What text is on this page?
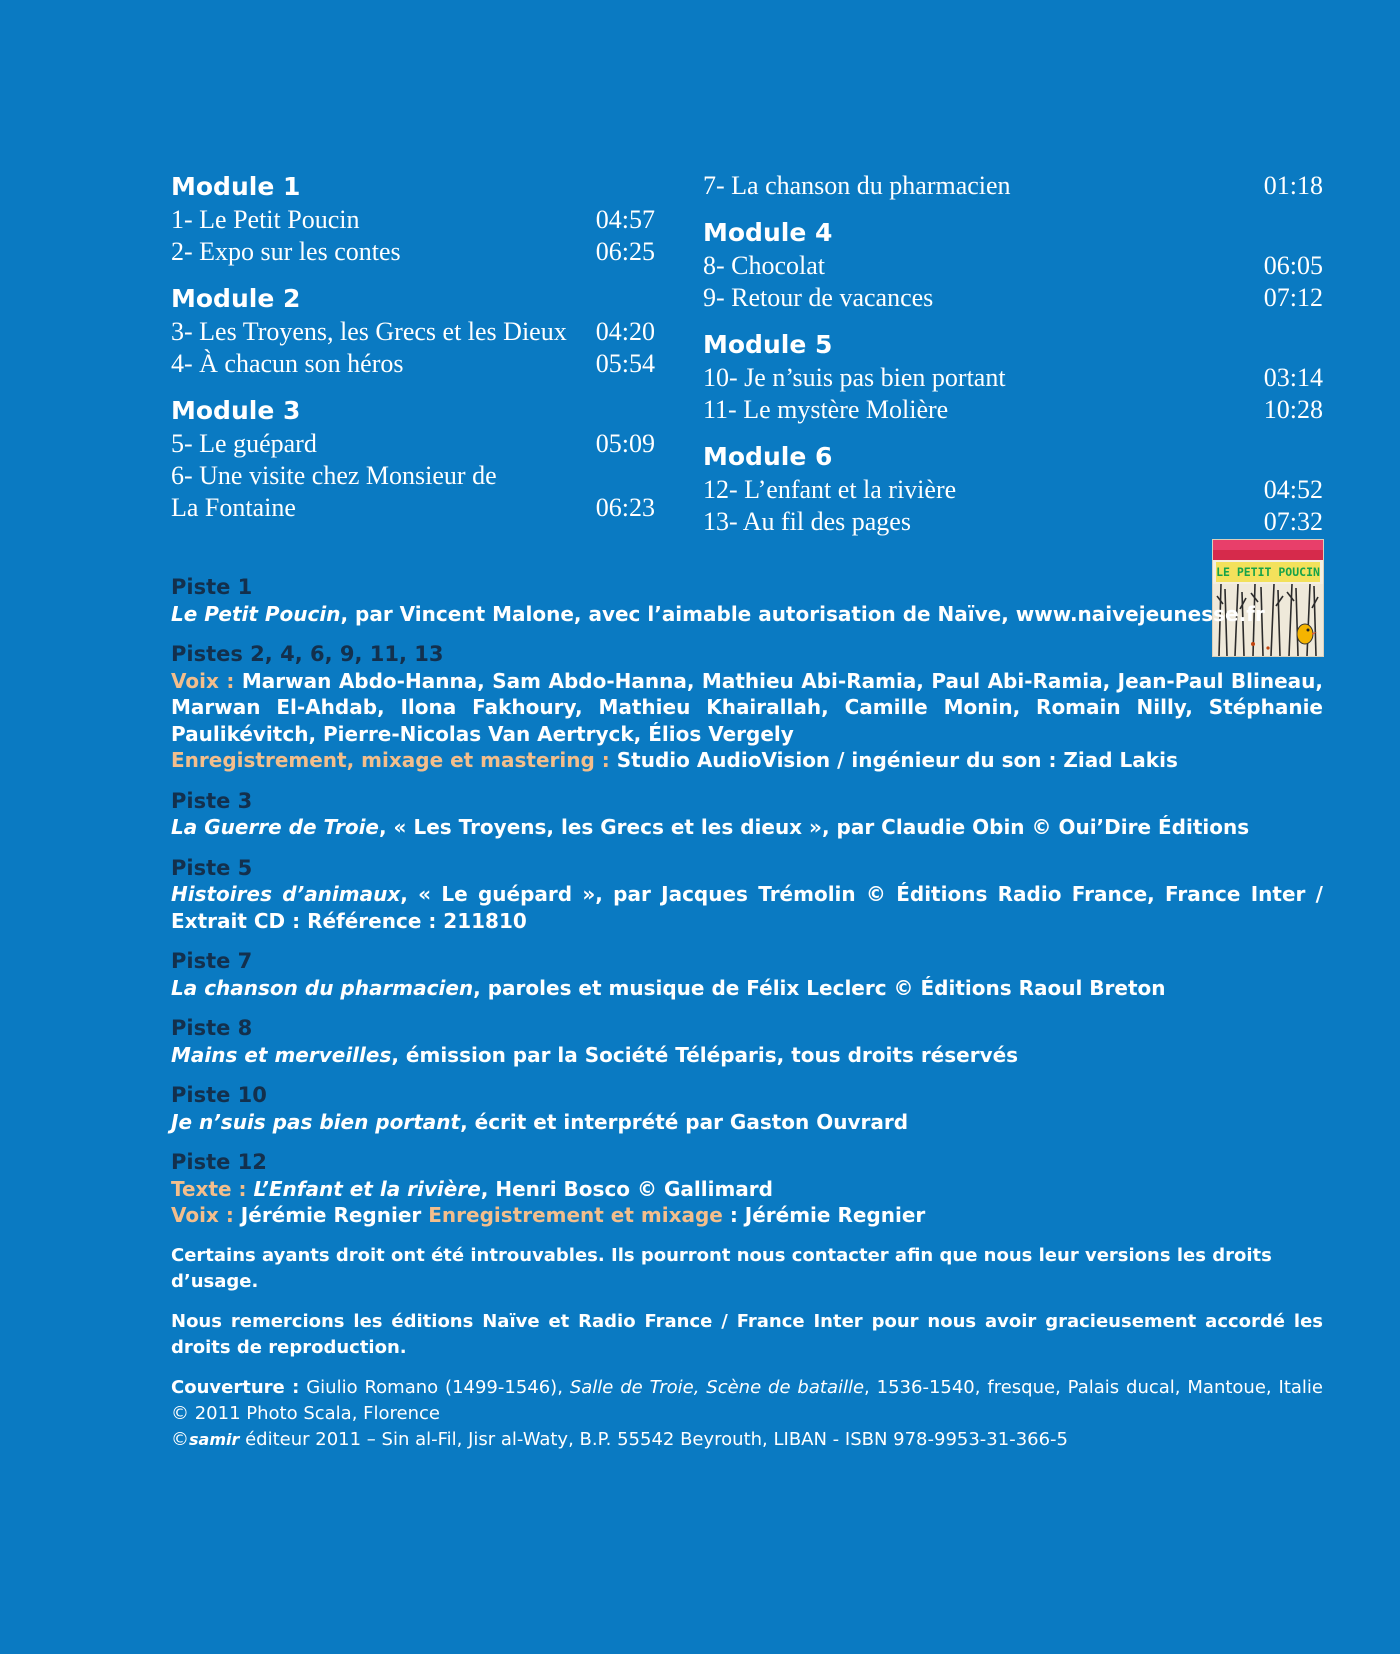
Module 1
1- Le Petit Poucin	04:57
2- Expo sur les contes	06:25
Module 2
3- Les Troyens, les Grecs et les Dieux 04:20
4- À chacun son héros	05:54
Module 3
5- Le guépard	05:09
6- Une visite chez Monsieur de La Fontaine	06:23
7- La chanson du pharmacien	01:18
Module 4
8- Chocolat	06:05
9- Retour de vacances	07:12
Module 5
10- Je n’suis pas bien portant	03:14
11- Le mystère Molière	10:28
Module 6
12- L’enfant et la rivière	04:52
13- Au fil des pages	07:32
LE PETIT POUCIN
Piste 1
Le Petit Poucin, par Vincent Malone, avec l’aimable autorisation de Naïve, www.naivejeunesse.fr
Pistes 2, 4, 6, 9, 11, 13
Voix : Marwan Abdo-Hanna, Sam Abdo-Hanna, Mathieu Abi-Ramia, Paul Abi-Ramia, Jean-Paul Blineau, Marwan El-Ahdab, Ilona Fakhoury, Mathieu Khairallah, Camille Monin, Romain Nilly, Stéphanie Paulikévitch, Pierre-Nicolas Van Aertryck, Élios Vergely
Enregistrement, mixage et mastering : Studio AudioVision / ingénieur du son : Ziad Lakis
Piste 3
La Guerre de Troie, « Les Troyens, les Grecs et les dieux », par Claudie Obin © Oui’Dire Éditions
Piste 5
Histoires d’animaux, « Le guépard », par Jacques Trémolin © Éditions Radio France, France Inter / Extrait CD : Référence : 211810
Piste 7
La chanson du pharmacien, paroles et musique de Félix Leclerc © Éditions Raoul Breton
Piste 8
Mains et merveilles, émission par la Société Téléparis, tous droits réservés
Piste 10
Je n’suis pas bien portant, écrit et interprété par Gaston Ouvrard
Piste 12
Texte : L’Enfant et la rivière, Henri Bosco © Gallimard
Voix : Jérémie Regnier Enregistrement et mixage : Jérémie Regnier
Certains ayants droit ont été introuvables. Ils pourront nous contacter afin que nous leur versions les droits d’usage.
Nous remercions les éditions Naïve et Radio France / France Inter pour nous avoir gracieusement accordé les droits de reproduction.
Couverture : Giulio Romano (1499-1546), Salle de Troie, Scène de bataille, 1536-1540, fresque, Palais ducal, Mantoue, Italie © 2011 Photo Scala, Florence
©samir éditeur 2011 – Sin al-Fil, Jisr al-Waty, B.P. 55542 Beyrouth, LIBAN - ISBN 978-9953-31-366-5
